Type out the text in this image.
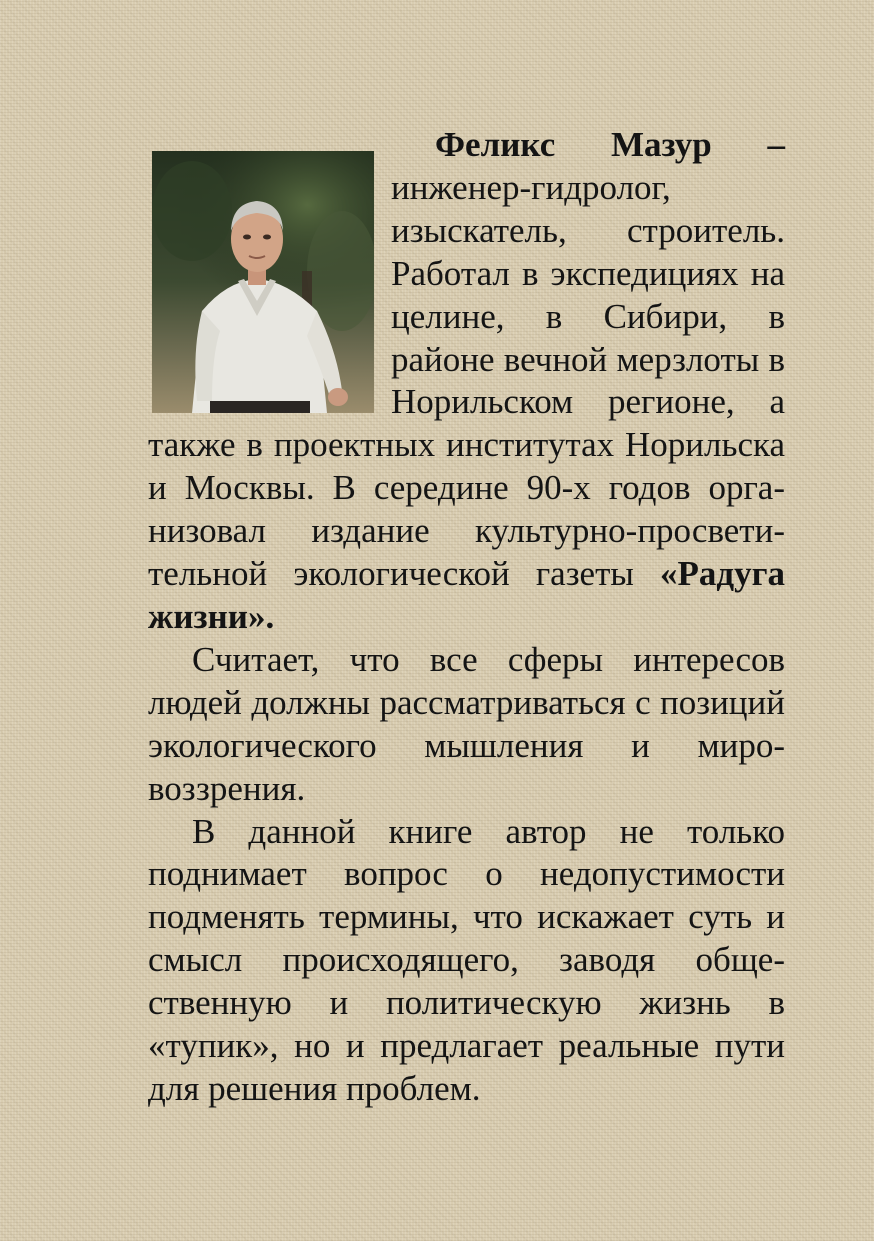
Феликс Мазур –
инженер-гидролог, изыскатель, строитель. Работал в экспедициях на целине, в Сибири, в районе вечной мерзлоты в Норильском регионе, а также в проектных институтах Норильска и Москвы. В середине 90-х годов организовал издание культурно-просветительной экологической газеты «Радуга жизни».

Считает, что все сферы интересов людей должны рассматриваться с позиций экологического мышления и мировоззрения.

В данной книге автор не только поднимает вопрос о недопустимости подменять термины, что искажает суть и смысл происходящего, заводя общественную и политическую жизнь в «тупик», но и предлагает реальные пути для решения проблем.
